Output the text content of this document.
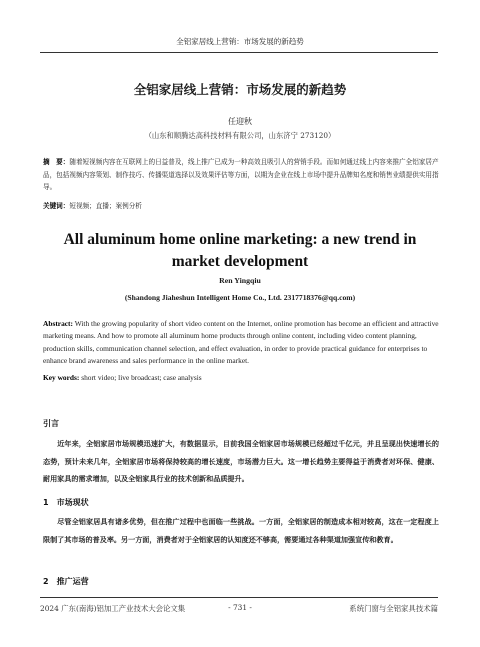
全铝家居线上营销：市场发展的新趋势
全铝家居线上营销：市场发展的新趋势
任迎秋
（山东和顺腾达高科技材料有限公司，山东济宁 273120）

摘　要：随着短视频内容在互联网上的日益普及，线上推广已成为一种高效且吸引人的营销手段。而如何通过线上内容来推广全铝家居产品，包括视频内容策划、制作技巧、传播渠道选择以及效果评估等方面，以期为企业在线上市场中提升品牌知名度和销售业绩提供实用指导。

关键词：短视频；直播；案例分析
All aluminum home online marketing: a new trend in market development
Ren Yingqiu
(Shandong Jiaheshun Intelligent Home Co., Ltd. 2317718376@qq.com)

Abstract: With the growing popularity of short video content on the Internet, online promotion has become an efficient and attractive marketing means. And how to promote all aluminum home products through online content, including video content planning, production skills, communication channel selection, and effect evaluation, in order to provide practical guidance for enterprises to enhance brand awareness and sales performance in the online market.

Key words: short video; live broadcast; case analysis
引言

近年来，全铝家居市场规模迅速扩大，有数据显示，目前我国全铝家居市场规模已经超过千亿元，并且呈现出快速增长的态势，预计未来几年，全铝家居市场将保持较高的增长速度，市场潜力巨大。这一增长趋势主要得益于消费者对环保、健康、耐用家具的需求增加，以及全铝家具行业的技术创新和品质提升。

1 市场现状

尽管全铝家居具有诸多优势，但在推广过程中也面临一些挑战。一方面，全铝家居的制造成本相对较高，这在一定程度上限制了其市场的普及率。另一方面，消费者对于全铝家居的认知度还不够高，需要通过各种渠道加强宣传和教育。

2 推广运营
2024 广东(南海)铝加工产业技术大会论文集	- 731 -	系统门窗与全铝家具技术篇
